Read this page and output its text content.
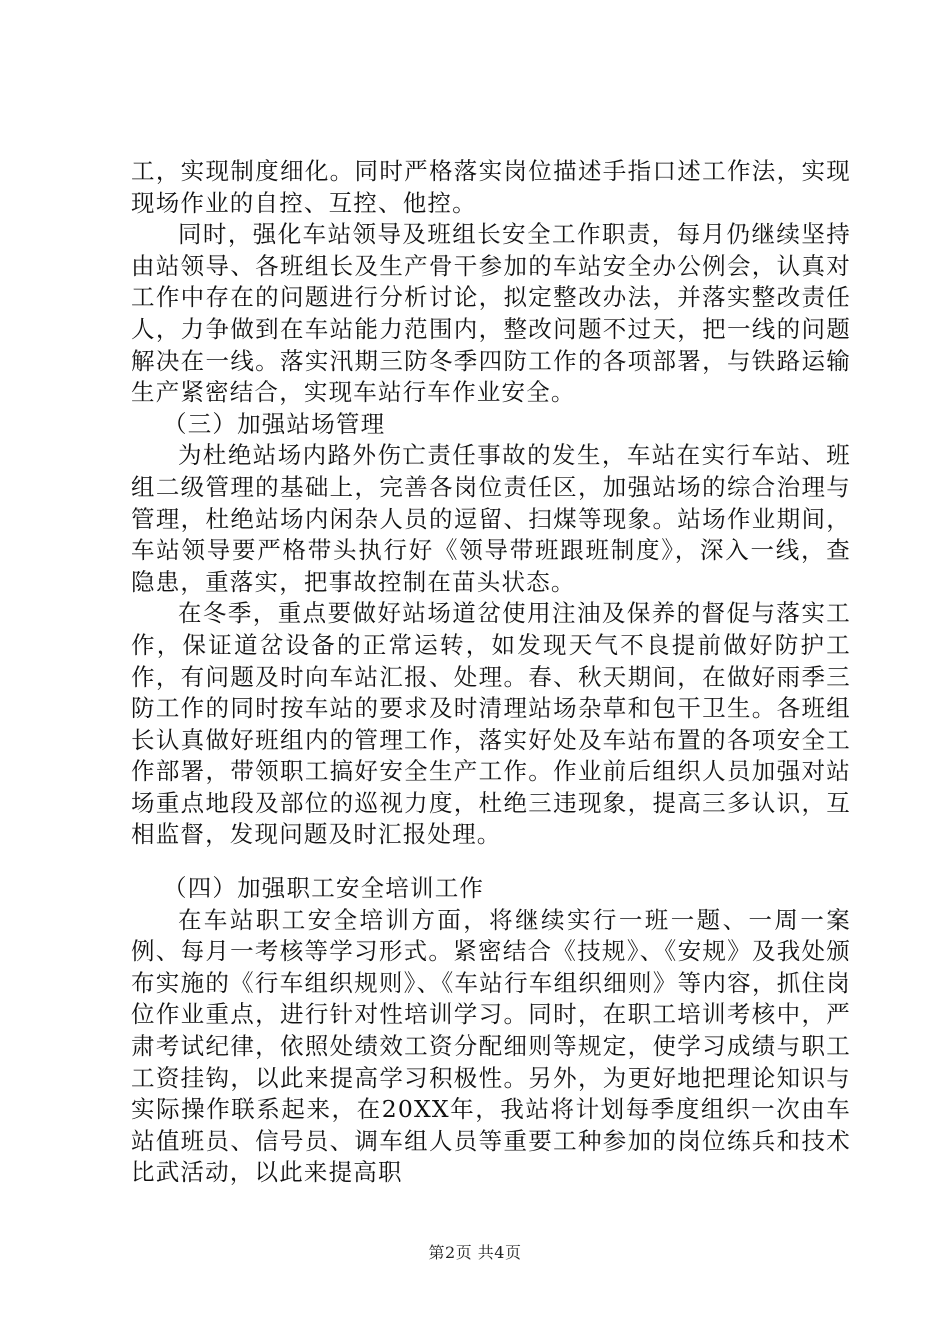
工，实现制度细化。同时严格落实岗位描述手指口述工作法，实现现场作业的自控、互控、他控。

同时，强化车站领导及班组长安全工作职责，每月仍继续坚持由站领导、各班组长及生产骨干参加的车站安全办公例会，认真对工作中存在的问题进行分析讨论，拟定整改办法，并落实整改责任人，力争做到在车站能力范围内，整改问题不过天，把一线的问题解决在一线。落实汛期三防冬季四防工作的各项部署，与铁路运输生产紧密结合，实现车站行车作业安全。

（三）加强站场管理

为杜绝站场内路外伤亡责任事故的发生，车站在实行车站、班组二级管理的基础上，完善各岗位责任区，加强站场的综合治理与管理，杜绝站场内闲杂人员的逗留、扫煤等现象。站场作业期间，车站领导要严格带头执行好《领导带班跟班制度》，深入一线，查隐患，重落实，把事故控制在苗头状态。

在冬季，重点要做好站场道岔使用注油及保养的督促与落实工作，保证道岔设备的正常运转，如发现天气不良提前做好防护工作，有问题及时向车站汇报、处理。春、秋天期间，在做好雨季三防工作的同时按车站的要求及时清理站场杂草和包干卫生。各班组长认真做好班组内的管理工作，落实好处及车站布置的各项安全工作部署，带领职工搞好安全生产工作。作业前后组织人员加强对站场重点地段及部位的巡视力度，杜绝三违现象，提高三多认识，互相监督，发现问题及时汇报处理。

（四）加强职工安全培训工作

在车站职工安全培训方面，将继续实行一班一题、一周一案例、每月一考核等学习形式。紧密结合《技规》、《安规》及我处颁布实施的《行车组织规则》、《车站行车组织细则》等内容，抓住岗位作业重点，进行针对性培训学习。同时，在职工培训考核中，严肃考试纪律，依照处绩效工资分配细则等规定，使学习成绩与职工工资挂钩，以此来提高学习积极性。另外，为更好地把理论知识与实际操作联系起来，在20XX年，我站将计划每季度组织一次由车站值班员、信号员、调车组人员等重要工种参加的岗位练兵和技术比武活动，以此来提高职

第2页 共4页
